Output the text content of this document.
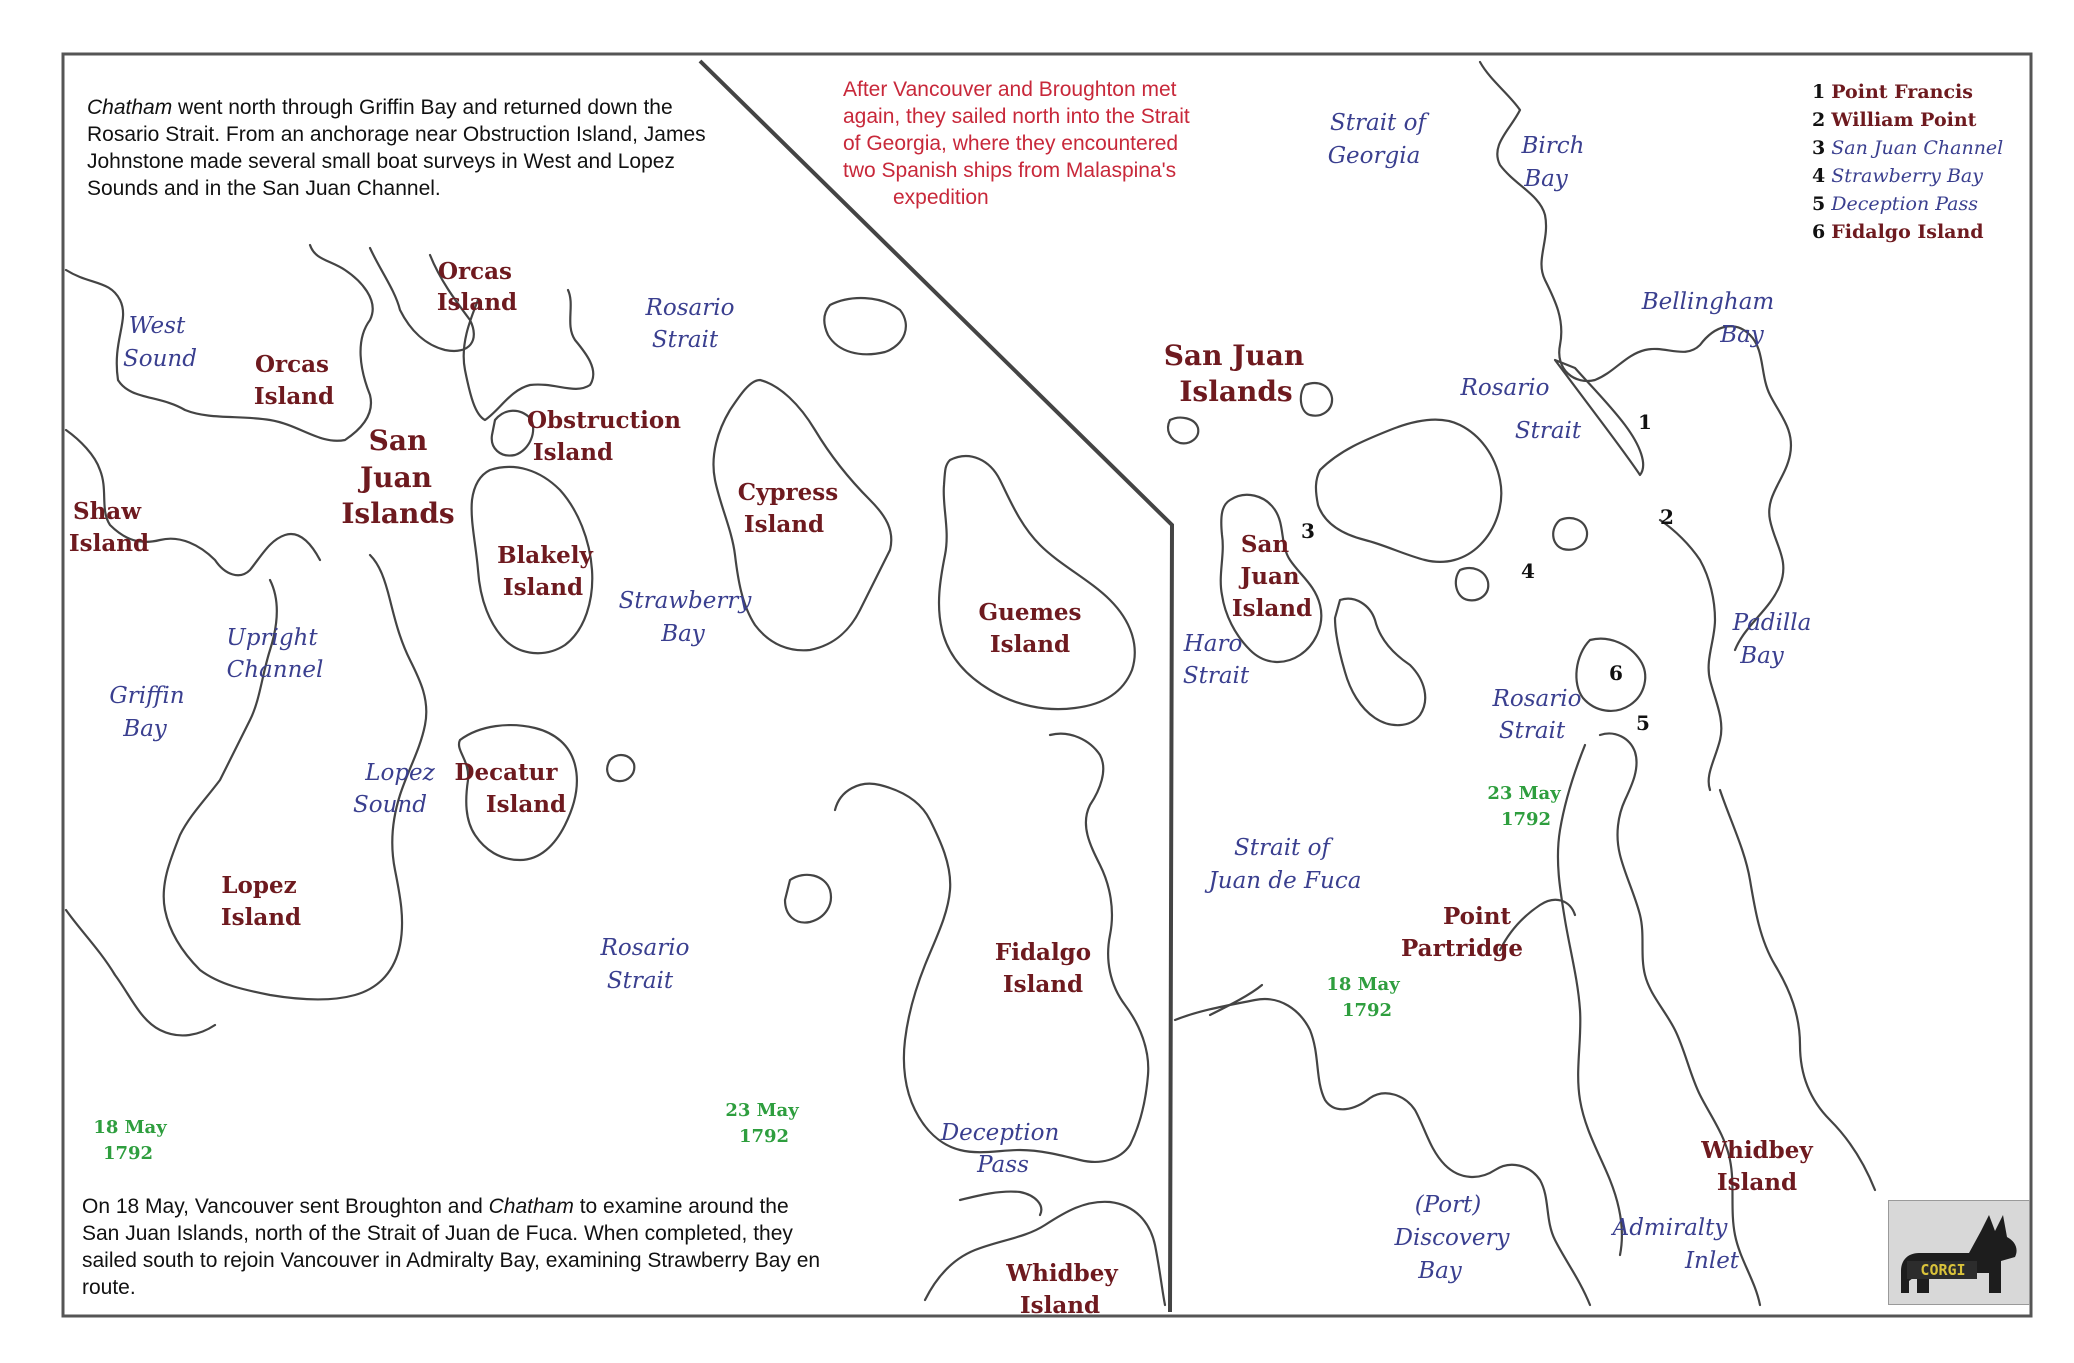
Orcas Island
West Sound	Orcas Island
San Juan Islands
Obstruction Island
Rosario Strait
Shaw Island	Blakely Island
Cypress Island
Strawberry Bay
Upright Channel
Griffin Bay
Guemes Island
Lopez Sound
Decatur Island
Lopez Island
Rosario Strait
Fidalgo Island
Deception Pass
Whidbey Island
18 May 1792
23 May 1792
Strait of Georgia	Birch Bay
Bellingham Bay
San Juan Islands	Rosario Strait
San Juan Island
Haro Strait
Padilla Bay
Rosario Strait
23 May 1792
Strait of Juan de Fuca
Point Partridge
18 May 1792
Whidbey Island
(Port) Discovery Bay
Admiralty Inlet
1
2
3
4
5
6
Chatham went north through Griffin Bay and returned down the Rosario Strait. From an anchorage near Obstruction Island, James Johnstone made several small boat surveys in West and Lopez Sounds and in the San Juan Channel.
On 18 May, Vancouver sent Broughton and Chatham to examine around the San Juan Islands, north of the Strait of Juan de Fuca. When completed, they sailed south to rejoin Vancouver in Admiralty Bay, examining Strawberry Bay en route.
After Vancouver and Broughton met
again, they sailed north into the Strait
of Georgia, where they encountered
two Spanish ships from Malaspina's
expedition
1 Point Francis
2 William Point
3 San Juan Channel
4 Strawberry Bay
5 Deception Pass
6 Fidalgo Island
CORGI
